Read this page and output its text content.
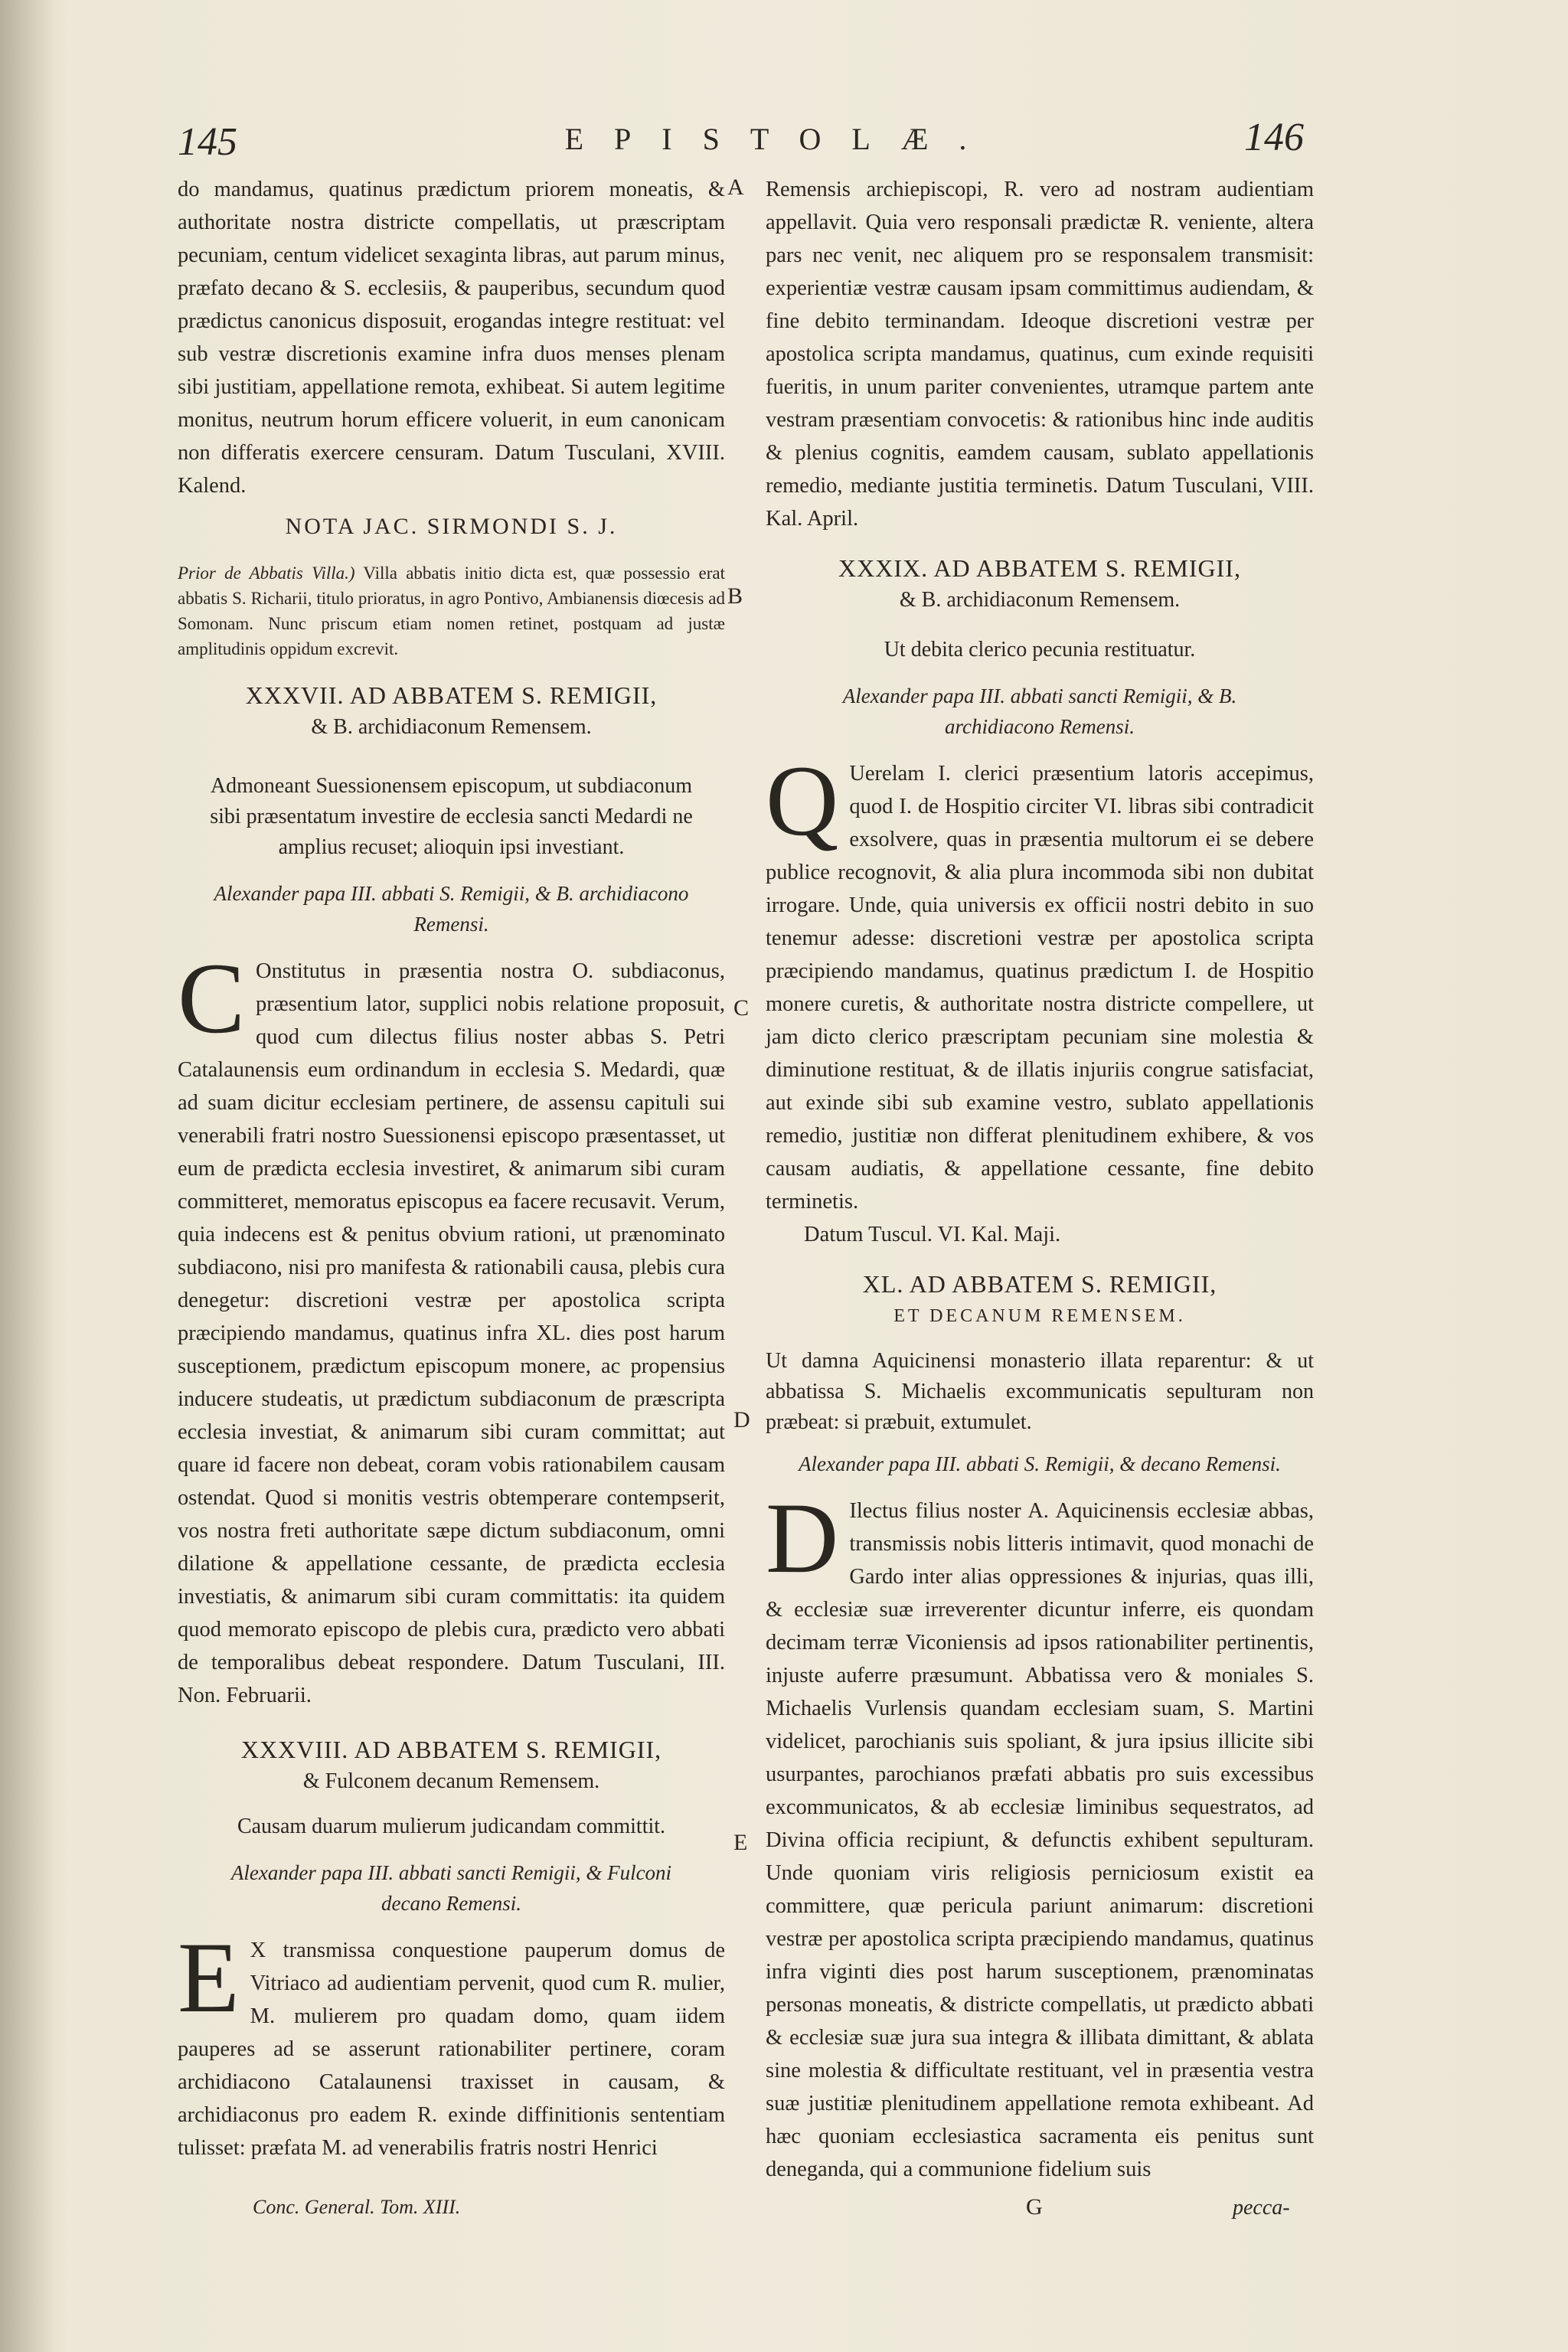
145	EPISTOLÆ.	146
A
B
C
D
E

do mandamus, quatinus prædictum priorem moneatis, & authoritate nostra districte compellatis, ut præscriptam pecuniam, centum videlicet sexaginta libras, aut parum minus, præfato decano & S. ecclesiis, & pauperibus, secundum quod prædictus canonicus disposuit, erogandas integre restituat: vel sub vestræ discretionis examine infra duos menses plenam sibi justitiam, appellatione remota, exhibeat. Si autem legitime monitus, neutrum horum efficere voluerit, in eum canonicam non differatis exercere censuram. Datum Tusculani, XVIII. Kalend.

NOTA JAC. SIRMONDI S. J.

Prior de Abbatis Villa.) Villa abbatis initio dicta est, quæ possessio erat abbatis S. Richarii, titulo prioratus, in agro Pontivo, Ambianensis diœcesis ad Somonam. Nunc priscum etiam nomen retinet, postquam ad justæ amplitudinis oppidum excrevit.

XXXVII. AD ABBATEM S. REMIGII,
& B. archidiaconum Remensem.
Admoneant Suessionensem episcopum, ut subdiaconum sibi præsentatum investire de ecclesia sancti Medardi ne amplius recuset; alioquin ipsi investiant.
Alexander papa III. abbati S. Remigii, & B. archidiacono Remensi.

C Onstitutus in præsentia nostra O. subdiaconus, præsentium lator, supplici nobis relatione proposuit, quod cum dilectus filius noster abbas S. Petri Catalaunensis eum ordinandum in ecclesia S. Medardi, quæ ad suam dicitur ecclesiam pertinere, de assensu capituli sui venerabili fratri nostro Suessionensi episcopo præsentasset, ut eum de prædicta ecclesia investiret, & animarum sibi curam committeret, memoratus episcopus ea facere recusavit. Verum, quia indecens est & penitus obvium rationi, ut prænominato subdiacono, nisi pro manifesta & rationabili causa, plebis cura denegetur: discretioni vestræ per apostolica scripta præcipiendo mandamus, quatinus infra XL. dies post harum susceptionem, prædictum episcopum monere, ac propensius inducere studeatis, ut prædictum subdiaconum de præscripta ecclesia investiat, & animarum sibi curam committat; aut quare id facere non debeat, coram vobis rationabilem causam ostendat. Quod si monitis vestris obtemperare contempserit, vos nostra freti authoritate sæpe dictum subdiaconum, omni dilatione & appellatione cessante, de prædicta ecclesia investiatis, & animarum sibi curam committatis: ita quidem quod memorato episcopo de plebis cura, prædicto vero abbati de temporalibus debeat respondere. Datum Tusculani, III. Non. Februarii.

XXXVIII. AD ABBATEM S. REMIGII,
& Fulconem decanum Remensem.
Causam duarum mulierum judicandam committit.
Alexander papa III. abbati sancti Remigii, & Fulconi decano Remensi.

E X transmissa conquestione pauperum domus de Vitriaco ad audientiam pervenit, quod cum R. mulier, M. mulierem pro quadam domo, quam iidem pauperes ad se asserunt rationabiliter pertinere, coram archidiacono Catalaunensi traxisset in causam, & archidiaconus pro eadem R. exinde diffinitionis sententiam tulisset: præfata M. ad venerabilis fratris nostri Henrici

Conc. General. Tom. XIII.

Remensis archiepiscopi, R. vero ad nostram audientiam appellavit. Quia vero responsali prædictæ R. veniente, altera pars nec venit, nec aliquem pro se responsalem transmisit: experientiæ vestræ causam ipsam committimus audiendam, & fine debito terminandam. Ideoque discretioni vestræ per apostolica scripta mandamus, quatinus, cum exinde requisiti fueritis, in unum pariter convenientes, utramque partem ante vestram præsentiam convocetis: & rationibus hinc inde auditis & plenius cognitis, eamdem causam, sublato appellationis remedio, mediante justitia terminetis. Datum Tusculani, VIII. Kal. April.

XXXIX. AD ABBATEM S. REMIGII,
& B. archidiaconum Remensem.
Ut debita clerico pecunia restituatur.
Alexander papa III. abbati sancti Remigii, & B. archidiacono Remensi.

Q Uerelam I. clerici præsentium latoris accepimus, quod I. de Hospitio circiter VI. libras sibi contradicit exsolvere, quas in præsentia multorum ei se debere publice recognovit, & alia plura incommoda sibi non dubitat irrogare. Unde, quia universis ex officii nostri debito in suo tenemur adesse: discretioni vestræ per apostolica scripta præcipiendo mandamus, quatinus prædictum I. de Hospitio monere curetis, & authoritate nostra districte compellere, ut jam dicto clerico præscriptam pecuniam sine molestia & diminutione restituat, & de illatis injuriis congrue satisfaciat, aut exinde sibi sub examine vestro, sublato appellationis remedio, justitiæ non differat plenitudinem exhibere, & vos causam audiatis, & appellatione cessante, fine debito terminetis.

Datum Tuscul. VI. Kal. Maji.

XL. AD ABBATEM S. REMIGII,
ET DECANUM REMENSEM.
Ut damna Aquicinensi monasterio illata reparentur: & ut abbatissa S. Michaelis excommunicatis sepulturam non præbeat: si præbuit, extumulet.
Alexander papa III. abbati S. Remigii, & decano Remensi.

D Ilectus filius noster A. Aquicinensis ecclesiæ abbas, transmissis nobis litteris intimavit, quod monachi de Gardo inter alias oppressiones & injurias, quas illi, & ecclesiæ suæ irreverenter dicuntur inferre, eis quondam decimam terræ Viconiensis ad ipsos rationabiliter pertinentis, injuste auferre præsumunt. Abbatissa vero & moniales S. Michaelis Vurlensis quandam ecclesiam suam, S. Martini videlicet, parochianis suis spoliant, & jura ipsius illicite sibi usurpantes, parochianos præfati abbatis pro suis excessibus excommunicatos, & ab ecclesiæ liminibus sequestratos, ad Divina officia recipiunt, & defunctis exhibent sepulturam. Unde quoniam viris religiosis perniciosum existit ea committere, quæ pericula pariunt animarum: discretioni vestræ per apostolica scripta præcipiendo mandamus, quatinus infra viginti dies post harum susceptionem, prænominatas personas moneatis, & districte compellatis, ut prædicto abbati & ecclesiæ suæ jura sua integra & illibata dimittant, & ablata sine molestia & difficultate restituant, vel in præsentia vestra suæ justitiæ plenitudinem appellatione remota exhibeant. Ad hæc quoniam ecclesiastica sacramenta eis penitus sunt deneganda, qui a communione fidelium suis

G	pecca-
